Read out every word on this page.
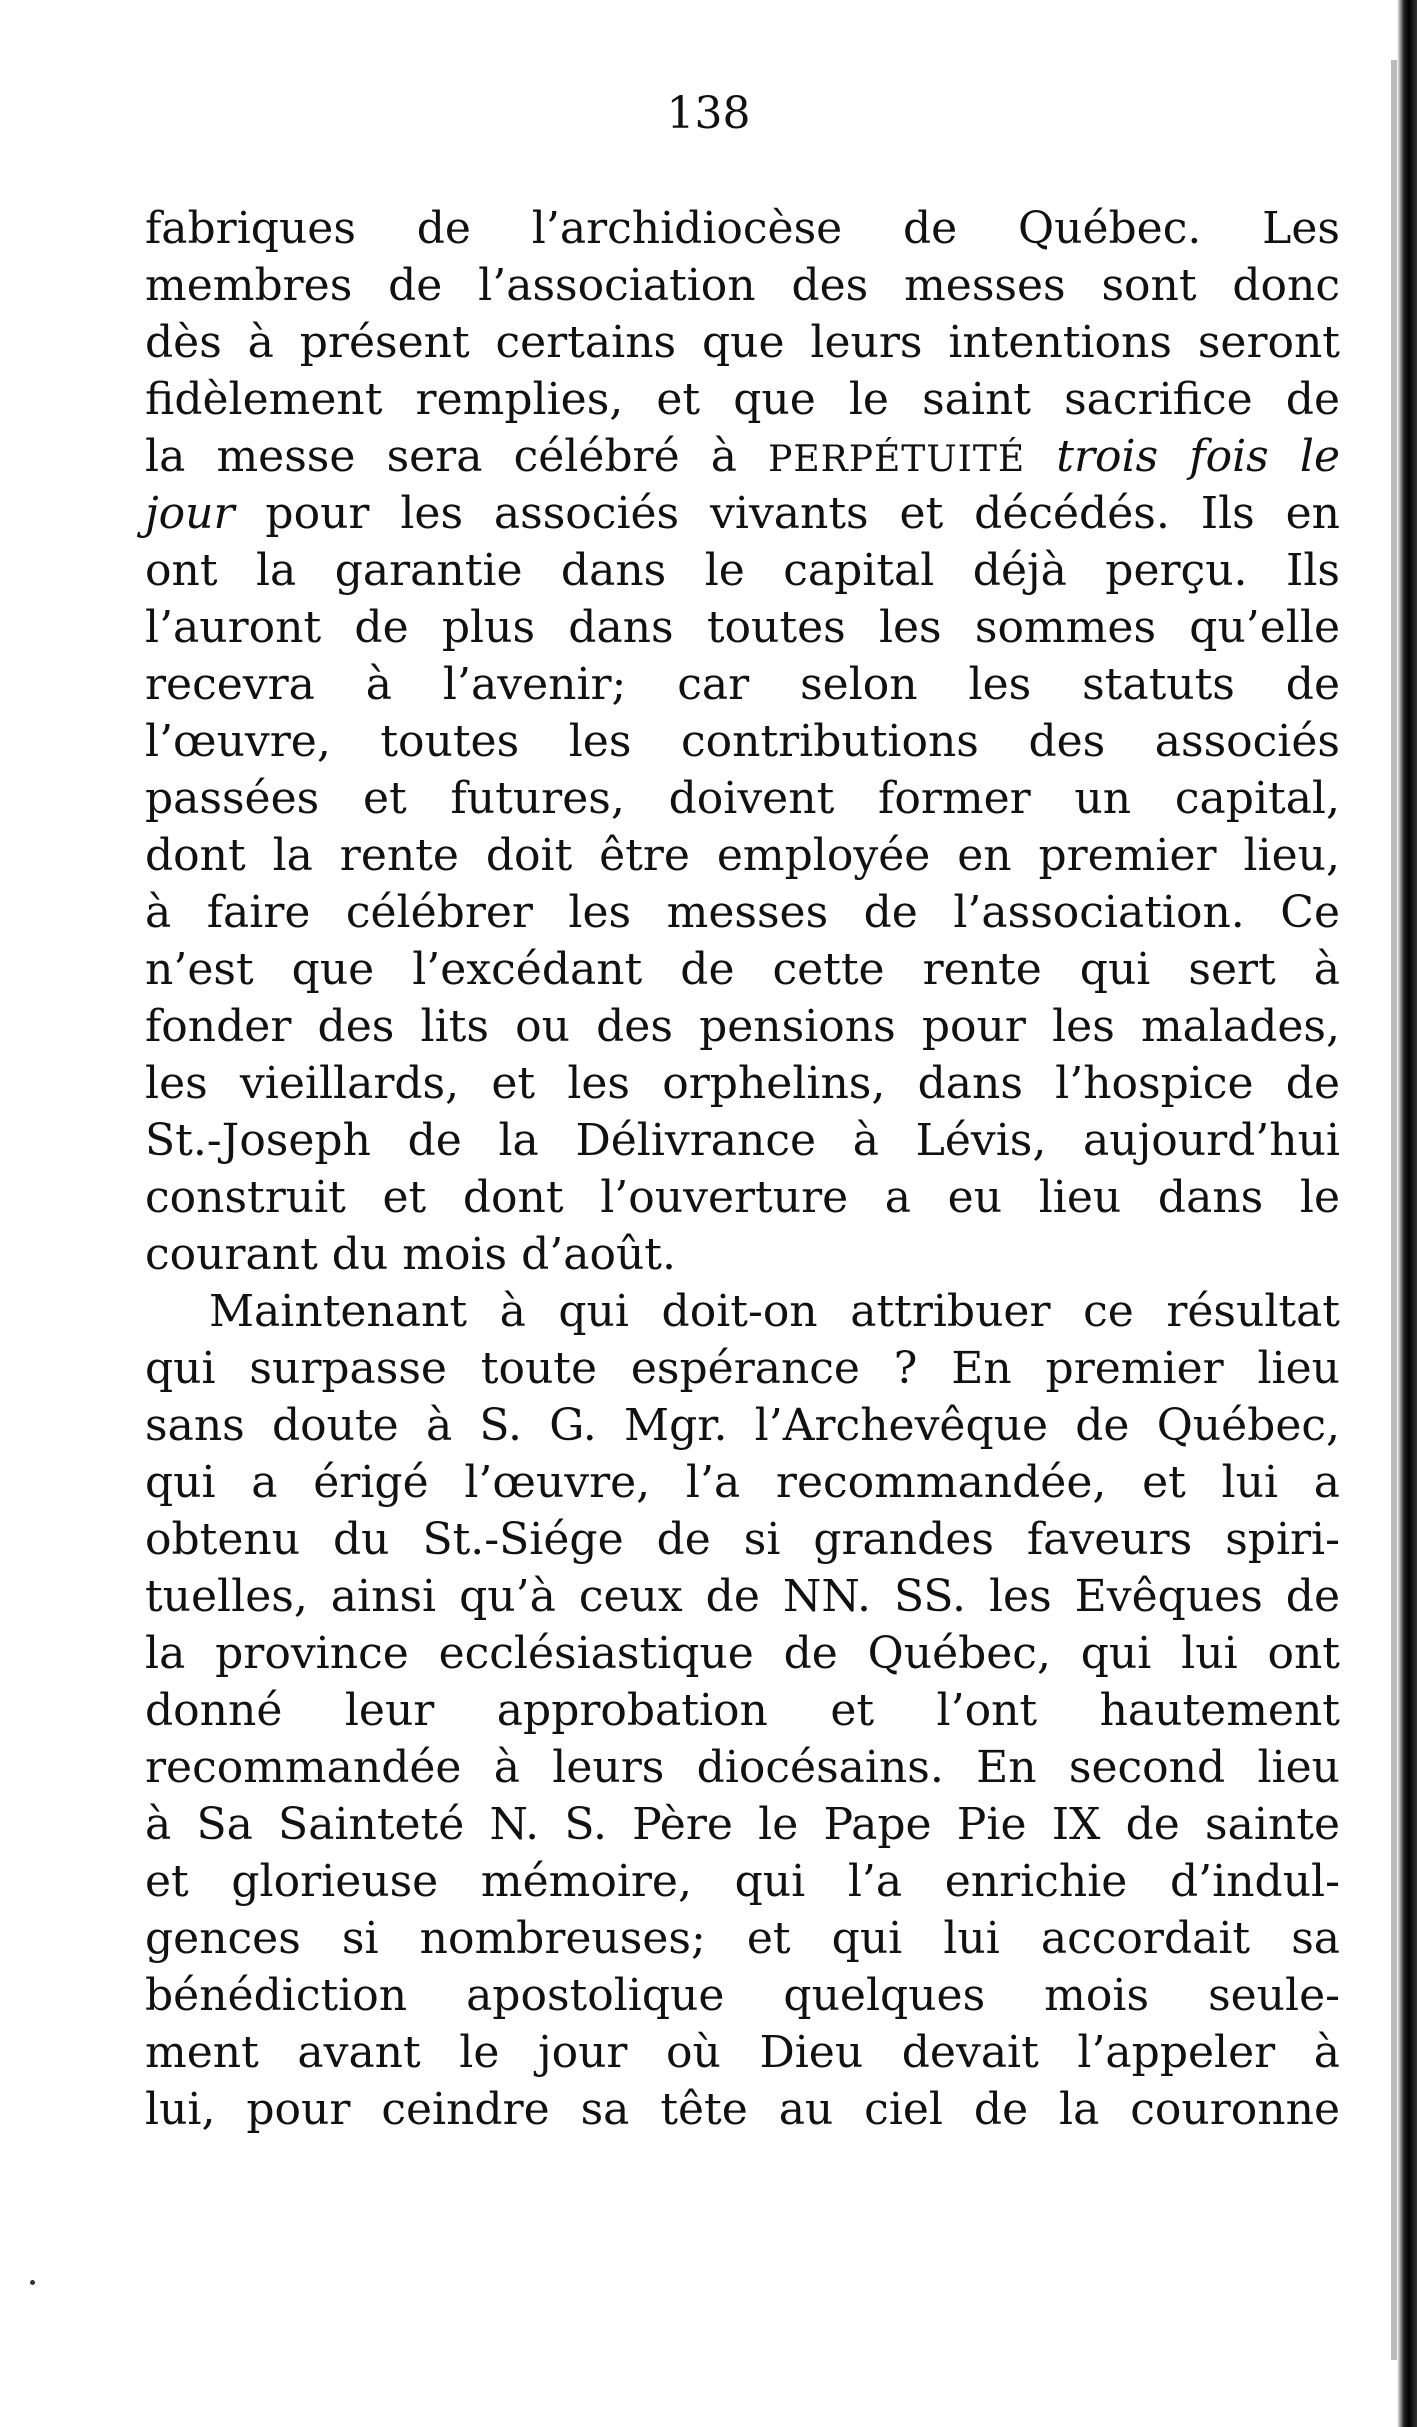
138
fabriques de l’archidiocèse de Québec. Les
membres de l’association des messes sont donc
dès à présent certains que leurs intentions seront
fidèlement remplies, et que le saint sacrifice de
la messe sera célébré à PERPÉTUITÉ trois fois le
jour pour les associés vivants et décédés. Ils en
ont la garantie dans le capital déjà perçu. Ils
l’auront de plus dans toutes les sommes qu’elle
recevra à l’avenir; car selon les statuts de
l’œuvre, toutes les contributions des associés
passées et futures, doivent former un capital,
dont la rente doit être employée en premier lieu,
à faire célébrer les messes de l’association. Ce
n’est que l’excédant de cette rente qui sert à
fonder des lits ou des pensions pour les malades,
les vieillards, et les orphelins, dans l’hospice de
St.-Joseph de la Délivrance à Lévis, aujourd’hui
construit et dont l’ouverture a eu lieu dans le
courant du mois d’août.
Maintenant à qui doit-on attribuer ce résultat
qui surpasse toute espérance ? En premier lieu
sans doute à S. G. Mgr. l’Archevêque de Québec,
qui a érigé l’œuvre, l’a recommandée, et lui a
obtenu du St.-Siége de si grandes faveurs spiri-
tuelles, ainsi qu’à ceux de NN. SS. les Evêques de
la province ecclésiastique de Québec, qui lui ont
donné leur approbation et l’ont hautement
recommandée à leurs diocésains. En second lieu
à Sa Sainteté N. S. Père le Pape Pie IX de sainte
et glorieuse mémoire, qui l’a enrichie d’indul-
gences si nombreuses; et qui lui accordait sa
bénédiction apostolique quelques mois seule-
ment avant le jour où Dieu devait l’appeler à
lui, pour ceindre sa tête au ciel de la couronne
